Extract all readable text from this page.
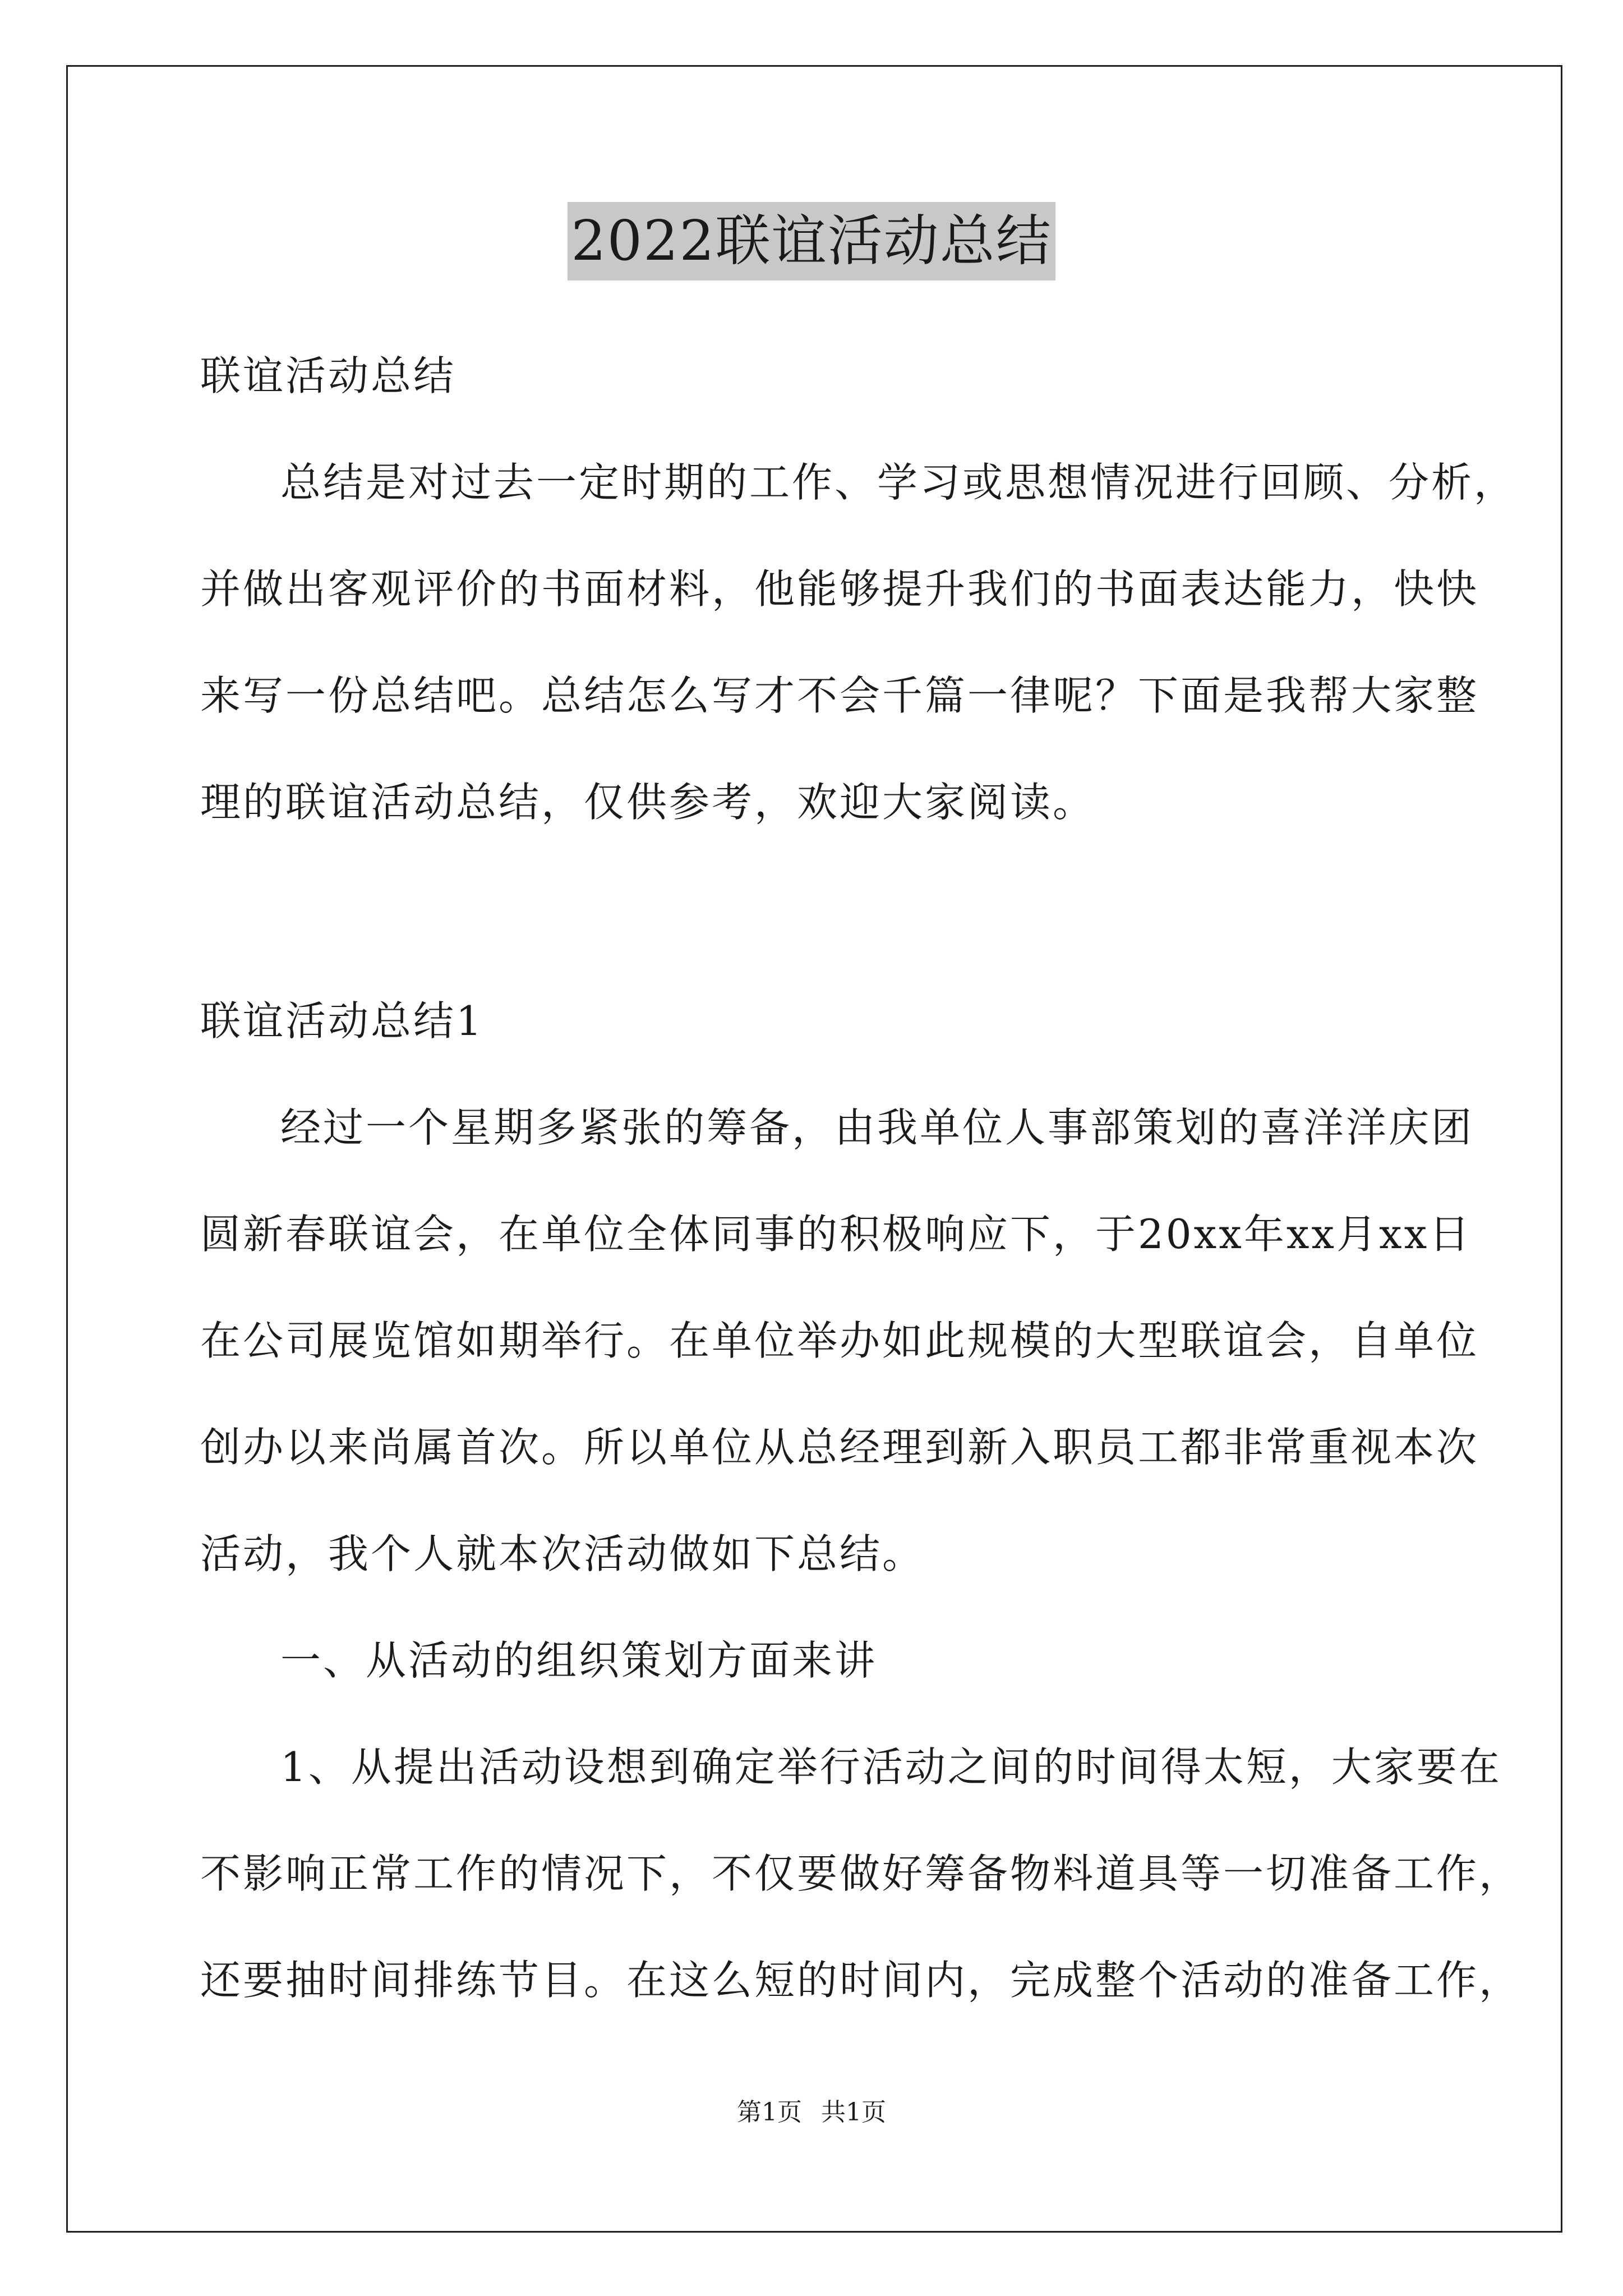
2022联谊活动总结
联谊活动总结
总结是对过去一定时期的工作、学习或思想情况进行回顾、分析，
并做出客观评价的书面材料，他能够提升我们的书面表达能力，快快
来写一份总结吧。总结怎么写才不会千篇一律呢？下面是我帮大家整
理的联谊活动总结，仅供参考，欢迎大家阅读。
联谊活动总结1
经过一个星期多紧张的筹备，由我单位人事部策划的喜洋洋庆团
圆新春联谊会，在单位全体同事的积极响应下，于20xx年xx月xx日
在公司展览馆如期举行。在单位举办如此规模的大型联谊会，自单位
创办以来尚属首次。所以单位从总经理到新入职员工都非常重视本次
活动，我个人就本次活动做如下总结。
一、从活动的组织策划方面来讲
1、从提出活动设想到确定举行活动之间的时间得太短，大家要在
不影响正常工作的情况下，不仅要做好筹备物料道具等一切准备工作，
还要抽时间排练节目。在这么短的时间内，完成整个活动的准备工作，
第1页 共1页
